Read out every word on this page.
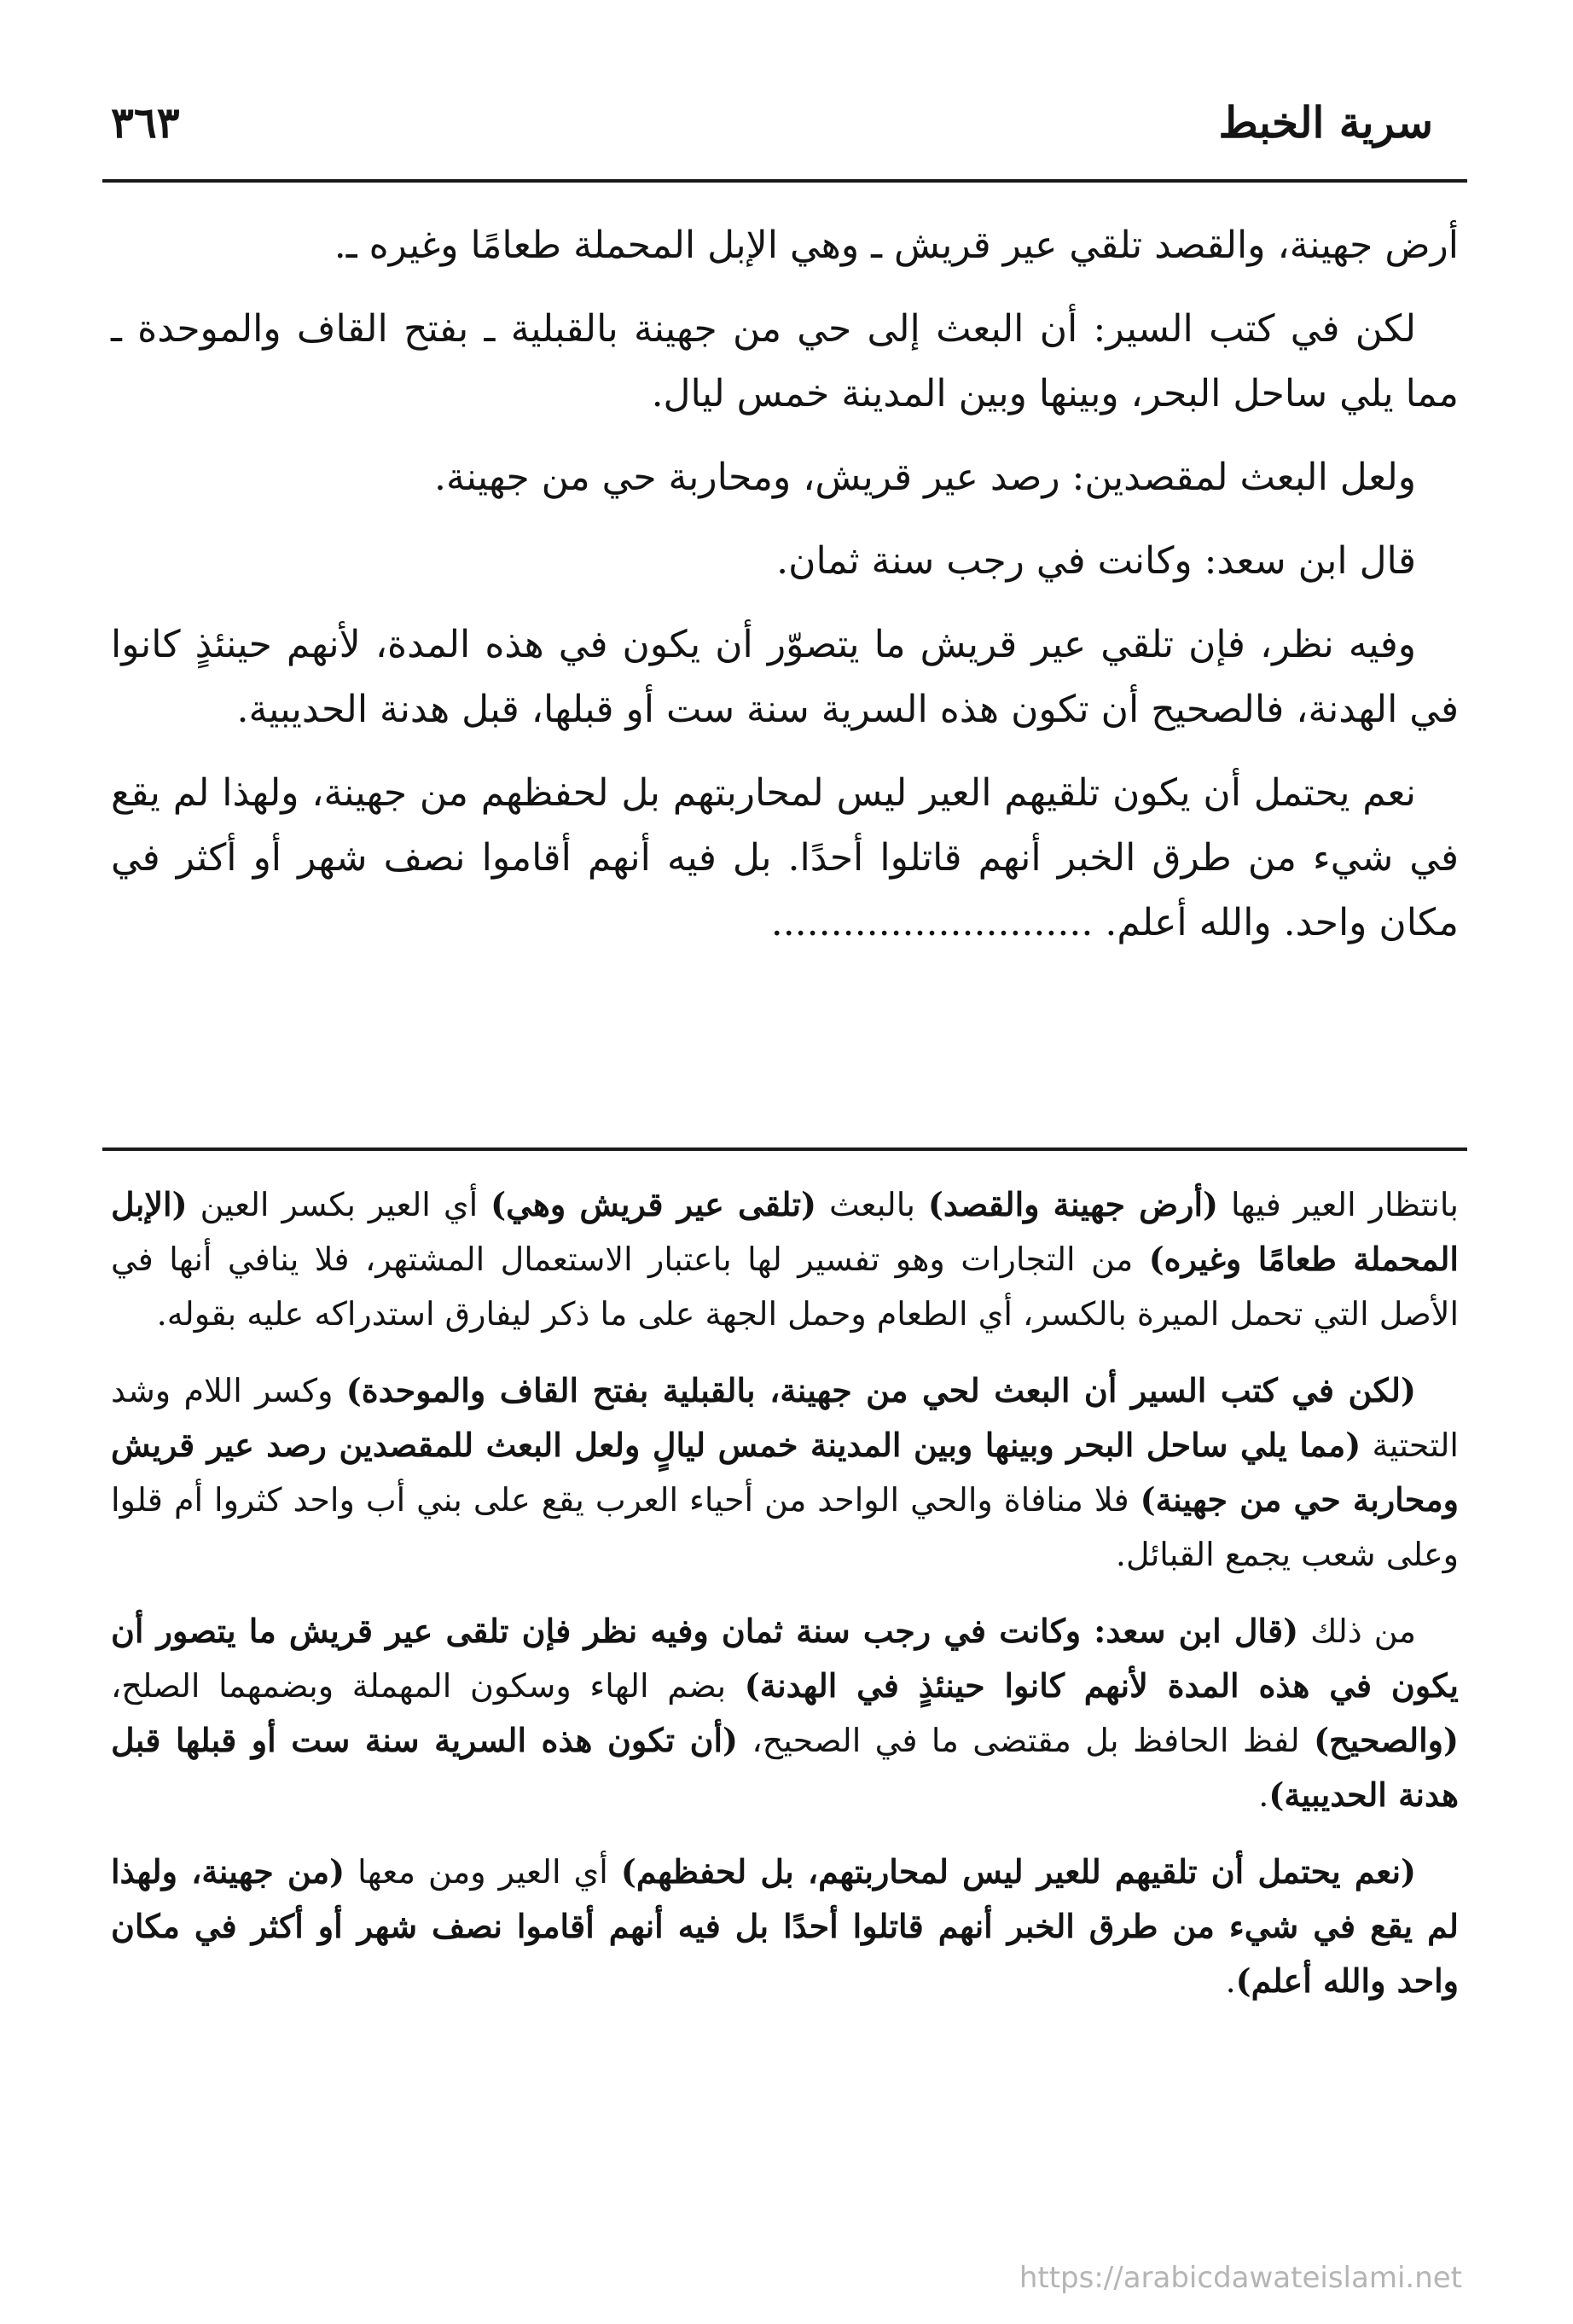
سرية الخبط
٣٦٣

أرض جهينة، والقصد تلقي عير قريش ـ وهي الإبل المحملة طعامًا وغيره ـ.

لكن في كتب السير: أن البعث إلى حي من جهينة بالقبلية ـ بفتح القاف والموحدة ـ مما يلي ساحل البحر، وبينها وبين المدينة خمس ليال.

ولعل البعث لمقصدين: رصد عير قريش، ومحاربة حي من جهينة.

قال ابن سعد: وكانت في رجب سنة ثمان.

وفيه نظر، فإن تلقي عير قريش ما يتصوّر أن يكون في هذه المدة، لأنهم حينئذٍ كانوا في الهدنة، فالصحيح أن تكون هذه السرية سنة ست أو قبلها، قبل هدنة الحديبية.

نعم يحتمل أن يكون تلقيهم العير ليس لمحاربتهم بل لحفظهم من جهينة، ولهذا لم يقع في شيء من طرق الخبر أنهم قاتلوا أحدًا. بل فيه أنهم أقاموا نصف شهر أو أكثر في مكان واحد. والله أعلم. ...........................

بانتظار العير فيها (أرض جهينة والقصد) بالبعث (تلقى عير قريش وهي) أي العير بكسر العين (الإبل المحملة طعامًا وغيره) من التجارات وهو تفسير لها باعتبار الاستعمال المشتهر، فلا ينافي أنها في الأصل التي تحمل الميرة بالكسر، أي الطعام وحمل الجهة على ما ذكر ليفارق استدراكه عليه بقوله.

(لكن في كتب السير أن البعث لحي من جهينة، بالقبلية بفتح القاف والموحدة) وكسر اللام وشد التحتية (مما يلي ساحل البحر وبينها وبين المدينة خمس ليالٍ ولعل البعث للمقصدين رصد عير قريش ومحاربة حي من جهينة) فلا منافاة والحي الواحد من أحياء العرب يقع على بني أب واحد كثروا أم قلوا وعلى شعب يجمع القبائل.

من ذلك (قال ابن سعد: وكانت في رجب سنة ثمان وفيه نظر فإن تلقى عير قريش ما يتصور أن يكون في هذه المدة لأنهم كانوا حينئذٍ في الهدنة) بضم الهاء وسكون المهملة وبضمهما الصلح، (والصحيح) لفظ الحافظ بل مقتضى ما في الصحيح، (أن تكون هذه السرية سنة ست أو قبلها قبل هدنة الحديبية).

(نعم يحتمل أن تلقيهم للعير ليس لمحاربتهم، بل لحفظهم) أي العير ومن معها (من جهينة، ولهذا لم يقع في شيء من طرق الخبر أنهم قاتلوا أحدًا بل فيه أنهم أقاموا نصف شهر أو أكثر في مكان واحد والله أعلم).

https://arabicdawateislami.net
